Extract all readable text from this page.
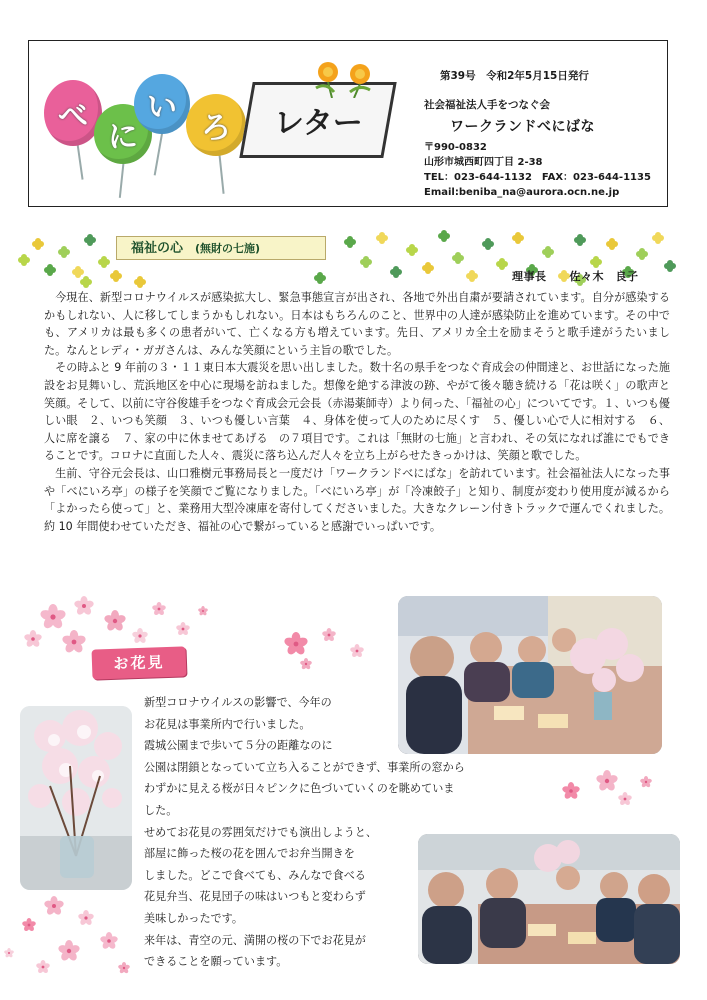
べ
に
い
ろ レター
第39号　令和2年5月15日発行
社会福祉法人手をつなぐ会
ワークランドべにばな
〒990-0832
山形市城西町四丁目 2-38
TEL：023-644-1132　FAX：023-644-1135
Email:beniba_na@aurora.ocn.ne.jp
福祉の心 (無財の七施)
理事長　　佐々木　良子

今現在、新型コロナウイルスが感染拡大し、緊急事態宣言が出され、各地で外出自粛が要請されています。自分が感染するかもしれない、人に移してしまうかもしれない。日本はもちろんのこと、世界中の人達が感染防止を進めています。その中でも、アメリカは最も多くの患者がいて、亡くなる方も増えています。先日、アメリカ全土を励まそうと歌手達がうたいました。なんとレディ・ガガさんは、みんな笑顔にという主旨の歌でした。

その時ふと 9 年前の３・１１東日本大震災を思い出しました。数十名の県手をつなぐ育成会の仲間達と、お世話になった施設をお見舞いし、荒浜地区を中心に現場を訪ねました。想像を絶する津波の跡、やがて後々聴き続ける「花は咲く」の歌声と笑顔。そして、以前に守谷俊雄手をつなぐ育成会元会長（赤湯薬師寺）より伺った、「福祉の心」についてです。１、いつも優しい眼　２、いつも笑顔　３、いつも優しい言葉　４、身体を使って人のために尽くす　５、優しい心で人に相対する　６、人に席を譲る　７、家の中に休ませてあげる　の７項目です。これは「無財の七施」と言われ、その気になれば誰にでもできることです。コロナに直面した人々、震災に落ち込んだ人々を立ち上がらせたきっかけは、笑顔と歌でした。

生前、守谷元会長は、山口雅樹元事務局長と一度だけ「ワークランドべにばな」を訪れています。社会福祉法人になった事や「べにいろ亭」の様子を笑顔でご覧になりました。「べにいろ亭」が「冷凍餃子」と知り、制度が変わり使用度が減るから「よかったら使って」と、業務用大型冷凍庫を寄付してくださいました。大きなクレーン付きトラックで運んでくれました。約 10 年間使わせていただき、福祉の心で繋がっていると感謝でいっぱいです。

お花見

新型コロナウイルスの影響で、今年の

お花見は事業所内で行いました。

霞城公園まで歩いて５分の距離なのに

公園は閉鎖となっていて立ち入ることができず、事業所の窓から

わずかに見える桜が日々ピンクに色づいていくのを眺めていま

した。

せめてお花見の雰囲気だけでも演出しようと、

部屋に飾った桜の花を囲んでお弁当開きを

しました。どこで食べても、みんなで食べる

花見弁当、花見団子の味はいつもと変わらず

美味しかったです。

来年は、青空の元、満開の桜の下でお花見が

できることを願っています。
